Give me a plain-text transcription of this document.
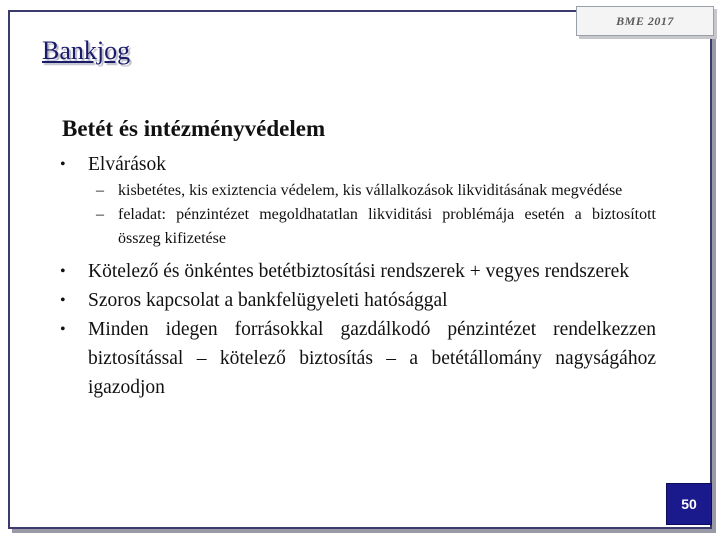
BME 2017
Bankjog
Betét és intézményvédelem
• Elvárások
– kisbetétes, kis exiztencia védelem, kis vállalkozások likviditásának megvédése
– feladat: pénzintézet megoldhatatlan likviditási problémája esetén a biztosított összeg kifizetése
• Kötelező és önkéntes betétbiztosítási rendszerek + vegyes rendszerek
• Szoros kapcsolat a bankfelügyeleti hatósággal
• Minden idegen forrásokkal gazdálkodó pénzintézet rendelkezzen biztosítással – kötelező biztosítás – a betétállomány nagyságához igazodjon
50
